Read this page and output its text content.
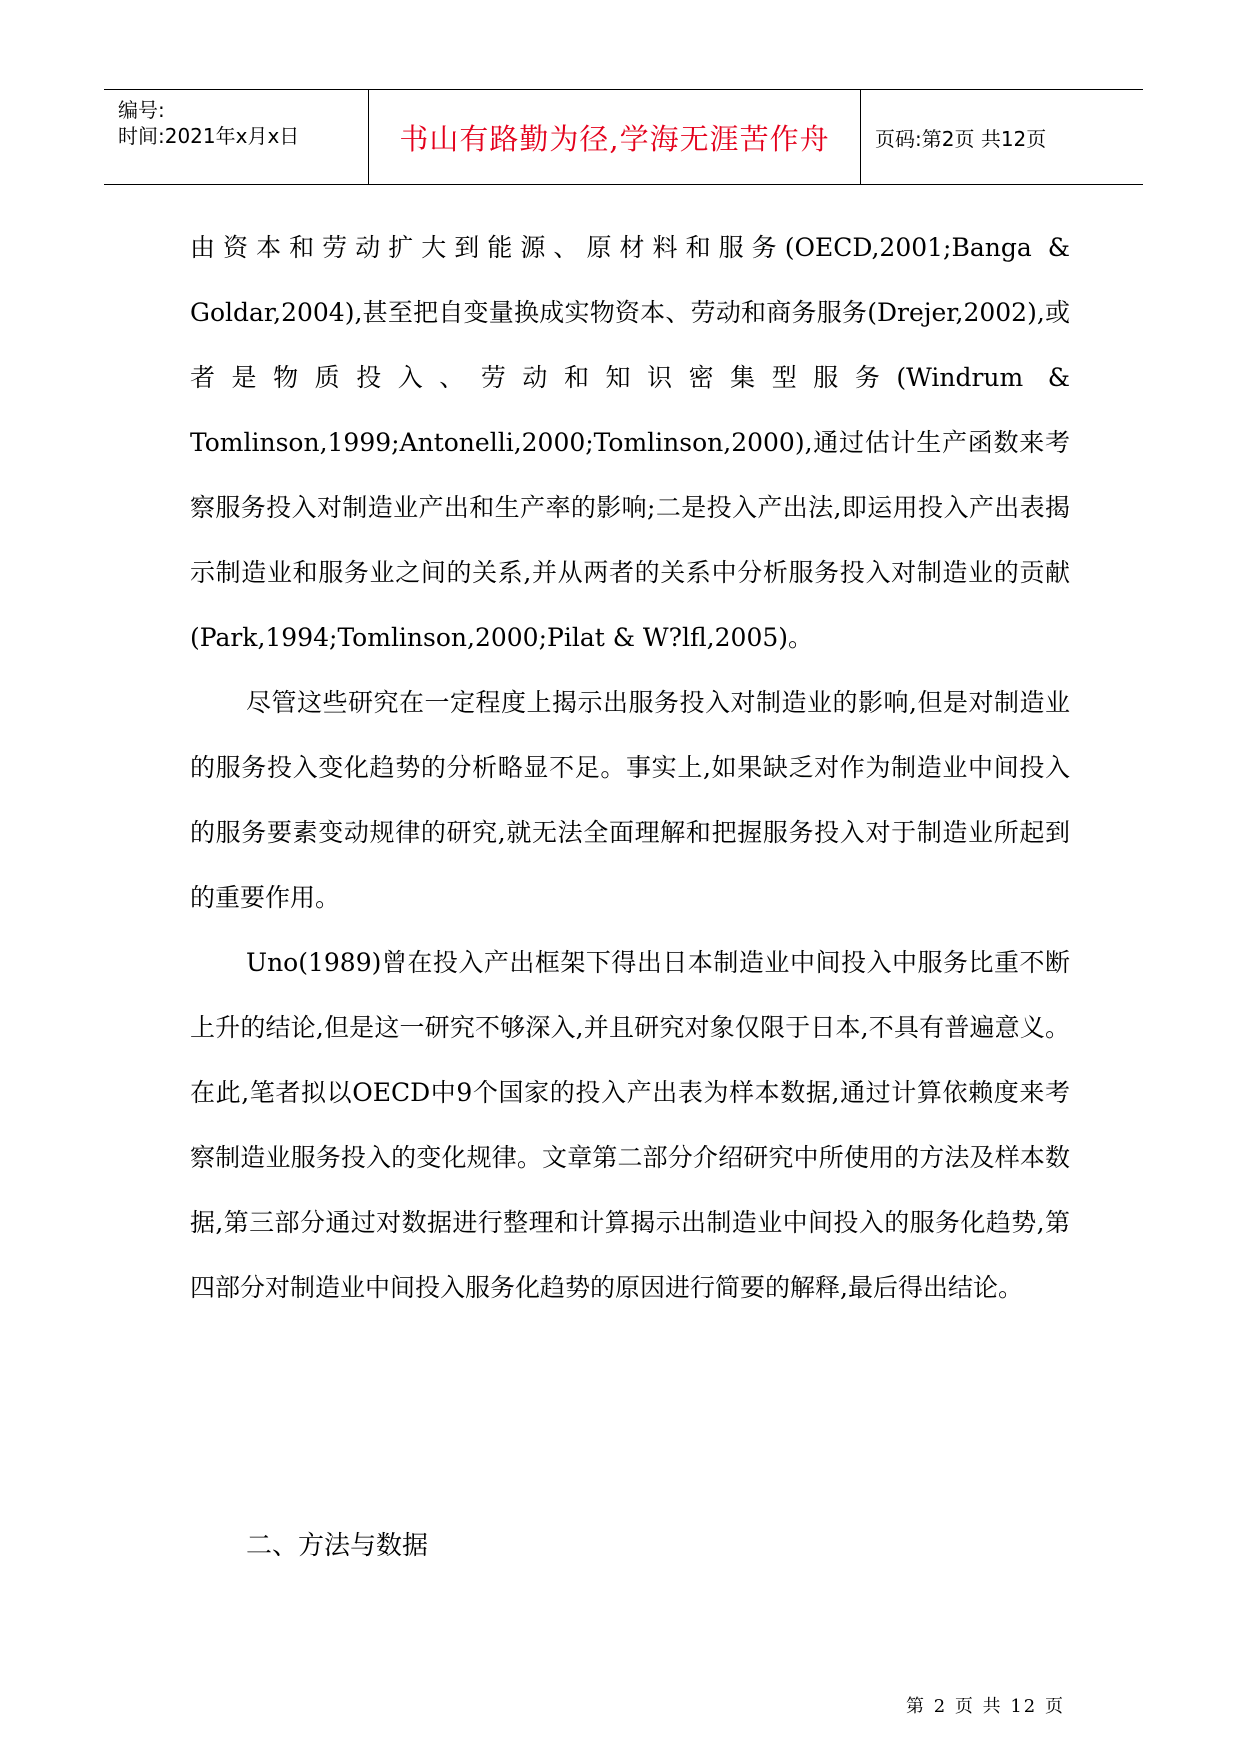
编号:
时间:2021年x月x日	书山有路勤为径,学海无涯苦作舟 页码:第2页 共12页

由资本和劳动扩大到能源、原材料和服务(OECD,2001;Banga & Goldar,2004),甚至把自变量换成实物资本、劳动和商务服务(Drejer,2002),或者是物质投入、劳动和知识密集型服务(Windrum & Tomlinson,1999;Antonelli,2000;Tomlinson,2000),通过估计生产函数来考察服务投入对制造业产出和生产率的影响;二是投入产出法,即运用投入产出表揭示制造业和服务业之间的关系,并从两者的关系中分析服务投入对制造业的贡献(Park,1994;Tomlinson,2000;Pilat & W?lfl,2005)。

尽管这些研究在一定程度上揭示出服务投入对制造业的影响,但是对制造业的服务投入变化趋势的分析略显不足。事实上,如果缺乏对作为制造业中间投入的服务要素变动规律的研究,就无法全面理解和把握服务投入对于制造业所起到的重要作用。

Uno(1989)曾在投入产出框架下得出日本制造业中间投入中服务比重不断上升的结论,但是这一研究不够深入,并且研究对象仅限于日本,不具有普遍意义。在此,笔者拟以OECD中9个国家的投入产出表为样本数据,通过计算依赖度来考察制造业服务投入的变化规律。文章第二部分介绍研究中所使用的方法及样本数据,第三部分通过对数据进行整理和计算揭示出制造业中间投入的服务化趋势,第四部分对制造业中间投入服务化趋势的原因进行简要的解释,最后得出结论。

二、方法与数据
第 2 页 共 12 页
